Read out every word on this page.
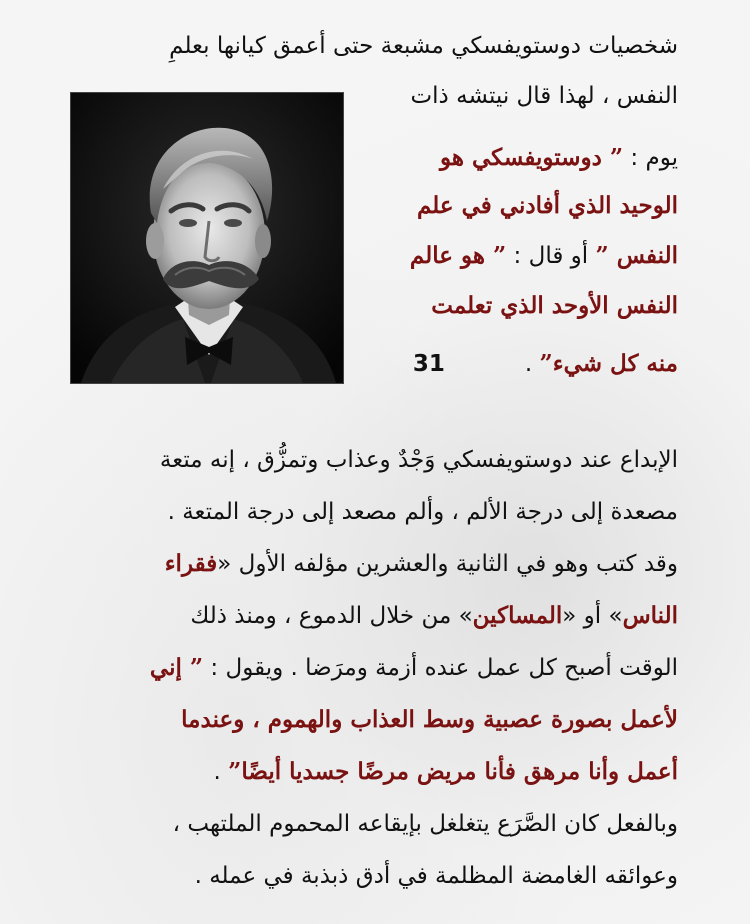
شخصيات دوستويفسكي مشبعة حتى أعمق كيانها بعلمِ
النفس ، لهذا قال نيتشه ذات
يوم : ” دوستويفسكي هو
الوحيد الذي أفادني في علم
النفس ” أو قال : ” هو عالم
النفس الأوحد الذي تعلمت
منه كل شيء” .31
الإبداع عند دوستويفسكي وَجْدٌ وعذاب وتمزُّق ، إنه متعة
مصعدة إلى درجة الألم ، وألم مصعد إلى درجة المتعة .
وقد كتب وهو في الثانية والعشرين مؤلفه الأول «فقراء
الناس» أو «المساكين» من خلال الدموع ، ومنذ ذلك
الوقت أصبح كل عمل عنده أزمة ومرَضا . ويقول : ” إني
لأعمل بصورة عصبية وسط العذاب والهموم ، وعندما
أعمل وأنا مرهق فأنا مريض مرضًا جسديا أيضًا” .
وبالفعل كان الصَّرَع يتغلغل بإيقاعه المحموم الملتهب ،
وعوائقه الغامضة المظلمة في أدق ذبذبة في عمله .
